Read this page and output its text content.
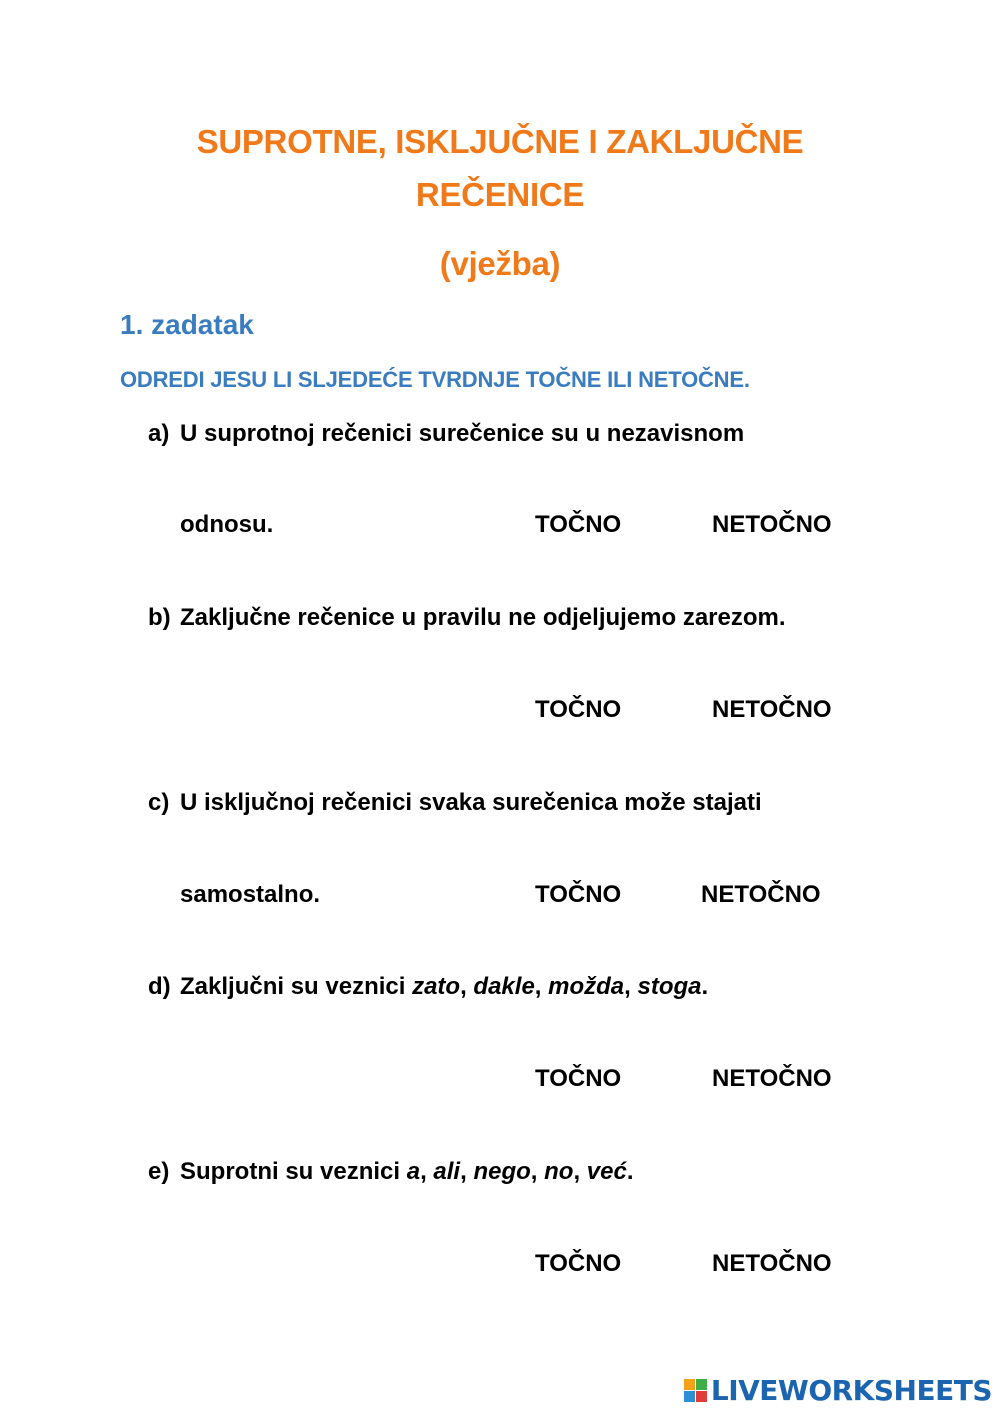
SUPROTNE, ISKLJUČNE I ZAKLJUČNE
REČENICE
(vježba)
1. zadatak

ODREDI JESU LI SLJEDEĆE TVRDNJE TOČNE ILI NETOČNE.

a) U suprotnoj rečenici surečenice su u nezavisnom
odnosu.	TOČNO	NETOČNO
b) Zaključne rečenice u pravilu ne odjeljujemo zarezom.
TOČNO	NETOČNO
c) U isključnoj rečenici svaka surečenica može stajati
samostalno.	TOČNO	NETOČNO
d) Zaključni su veznici zato, dakle, možda, stoga.
TOČNO	NETOČNO
e) Suprotni su veznici a, ali, nego, no, već.
TOČNO	NETOČNO
LIVEWORKSHEETS
